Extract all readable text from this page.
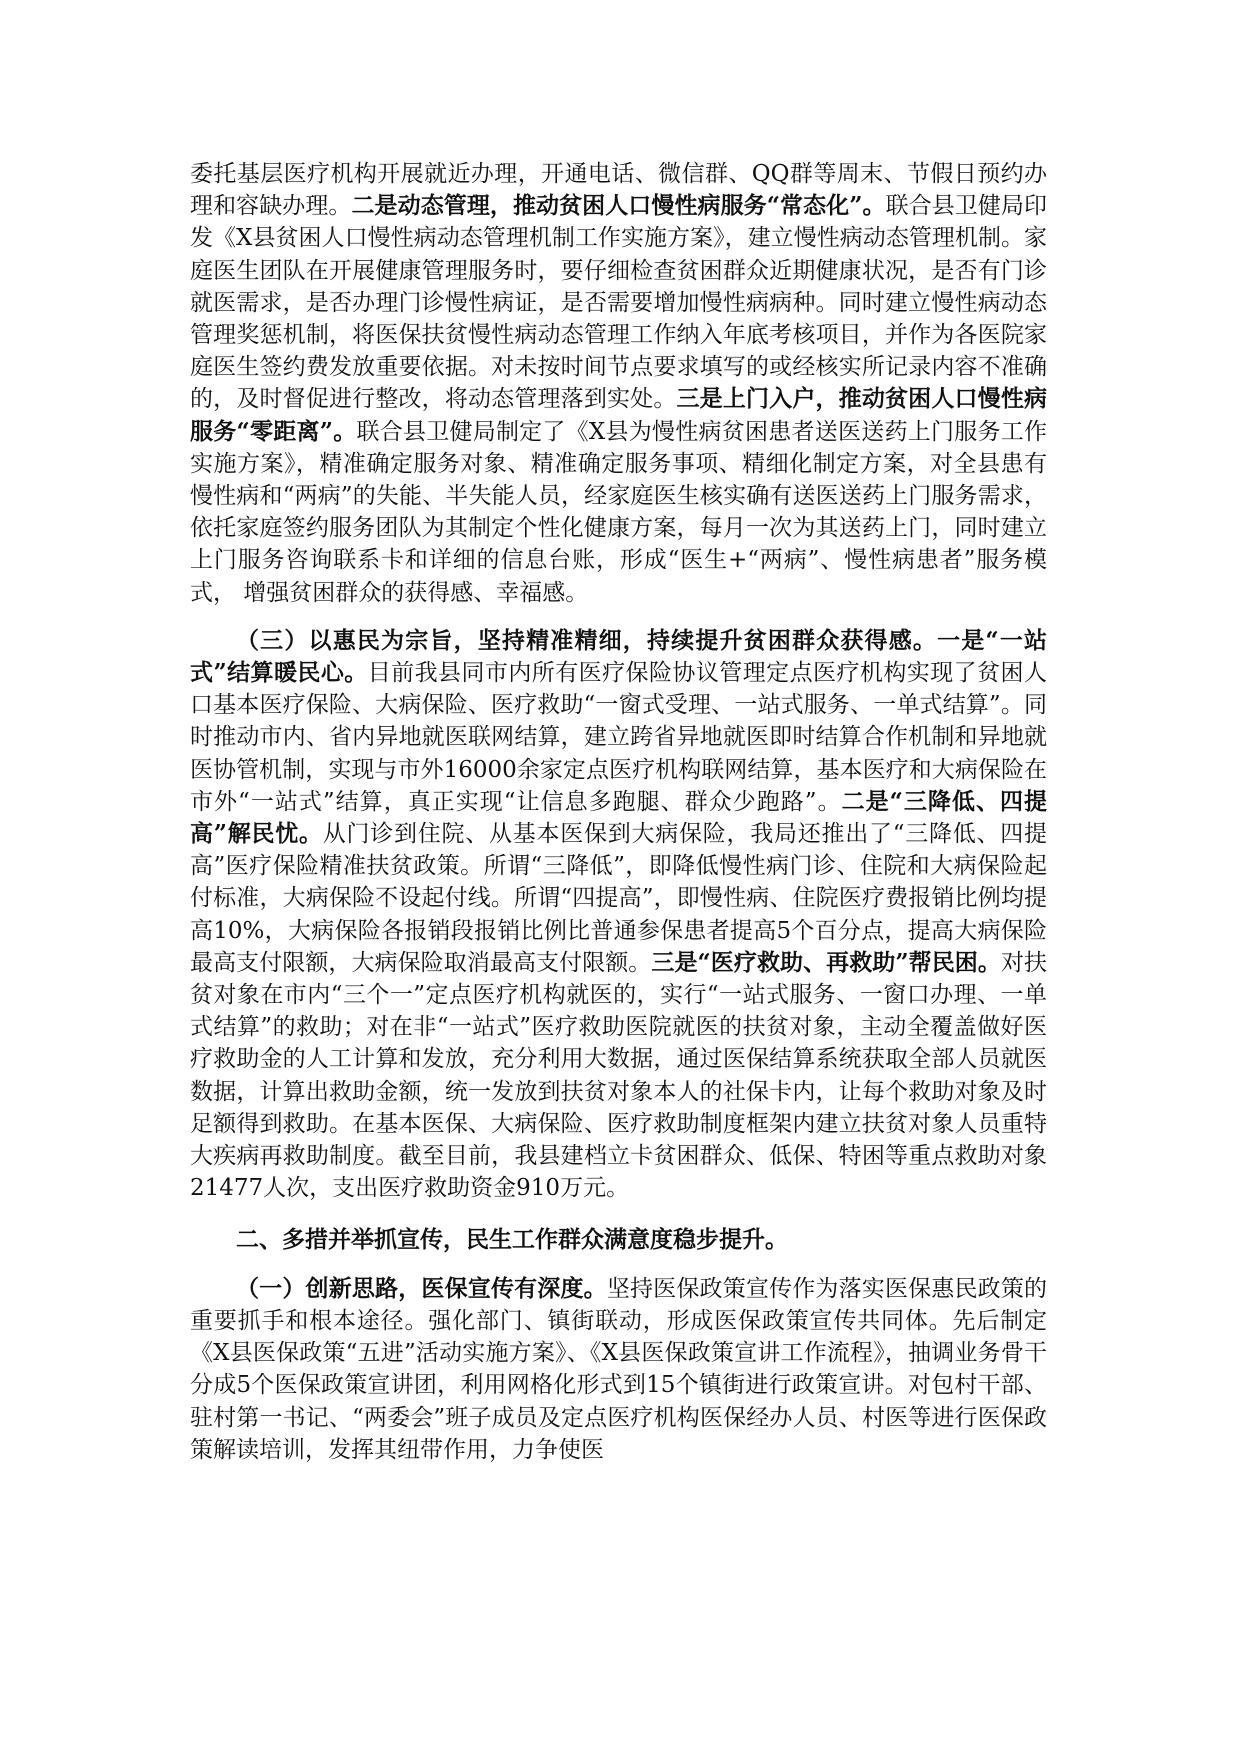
委托基层医疗机构开展就近办理，开通电话、微信群、QQ群等周末、节假日预约办理和容缺办理。二是动态管理，推动贫困人口慢性病服务“常态化”。联合县卫健局印发《X县贫困人口慢性病动态管理机制工作实施方案》，建立慢性病动态管理机制。家庭医生团队在开展健康管理服务时，要仔细检查贫困群众近期健康状况，是否有门诊就医需求，是否办理门诊慢性病证，是否需要增加慢性病病种。同时建立慢性病动态管理奖惩机制，将医保扶贫慢性病动态管理工作纳入年底考核项目，并作为各医院家庭医生签约费发放重要依据。对未按时间节点要求填写的或经核实所记录内容不准确的，及时督促进行整改，将动态管理落到实处。三是上门入户，推动贫困人口慢性病服务“零距离”。联合县卫健局制定了《X县为慢性病贫困患者送医送药上门服务工作实施方案》，精准确定服务对象、精准确定服务事项、精细化制定方案，对全县患有慢性病和“两病”的失能、半失能人员，经家庭医生核实确有送医送药上门服务需求，依托家庭签约服务团队为其制定个性化健康方案，每月一次为其送药上门，同时建立上门服务咨询联系卡和详细的信息台账，形成“医生+“两病”、慢性病患者”服务模式， 增强贫困群众的获得感、幸福感。

（三）以惠民为宗旨，坚持精准精细，持续提升贫困群众获得感。一是“一站式”结算暖民心。目前我县同市内所有医疗保险协议管理定点医疗机构实现了贫困人口基本医疗保险、大病保险、医疗救助“一窗式受理、一站式服务、一单式结算”。同时推动市内、省内异地就医联网结算，建立跨省异地就医即时结算合作机制和异地就医协管机制，实现与市外16000余家定点医疗机构联网结算，基本医疗和大病保险在市外“一站式”结算，真正实现“让信息多跑腿、群众少跑路”。二是“三降低、四提高”解民忧。从门诊到住院、从基本医保到大病保险，我局还推出了“三降低、四提高”医疗保险精准扶贫政策。所谓“三降低”，即降低慢性病门诊、住院和大病保险起付标准，大病保险不设起付线。所谓“四提高”，即慢性病、住院医疗费报销比例均提高10%，大病保险各报销段报销比例比普通参保患者提高5个百分点，提高大病保险最高支付限额，大病保险取消最高支付限额。三是“医疗救助、再救助”帮民困。对扶贫对象在市内“三个一”定点医疗机构就医的，实行“一站式服务、一窗口办理、一单式结算”的救助；对在非“一站式”医疗救助医院就医的扶贫对象，主动全覆盖做好医疗救助金的人工计算和发放，充分利用大数据，通过医保结算系统获取全部人员就医数据，计算出救助金额，统一发放到扶贫对象本人的社保卡内，让每个救助对象及时足额得到救助。在基本医保、大病保险、医疗救助制度框架内建立扶贫对象人员重特大疾病再救助制度。截至目前，我县建档立卡贫困群众、低保、特困等重点救助对象21477人次，支出医疗救助资金910万元。

二、多措并举抓宣传，民生工作群众满意度稳步提升。

（一）创新思路，医保宣传有深度。坚持医保政策宣传作为落实医保惠民政策的重要抓手和根本途径。强化部门、镇街联动，形成医保政策宣传共同体。先后制定《X县医保政策“五进”活动实施方案》、《X县医保政策宣讲工作流程》，抽调业务骨干分成5个医保政策宣讲团，利用网格化形式到15个镇街进行政策宣讲。对包村干部、驻村第一书记、“两委会”班子成员及定点医疗机构医保经办人员、村医等进行医保政策解读培训，发挥其纽带作用，力争使医
